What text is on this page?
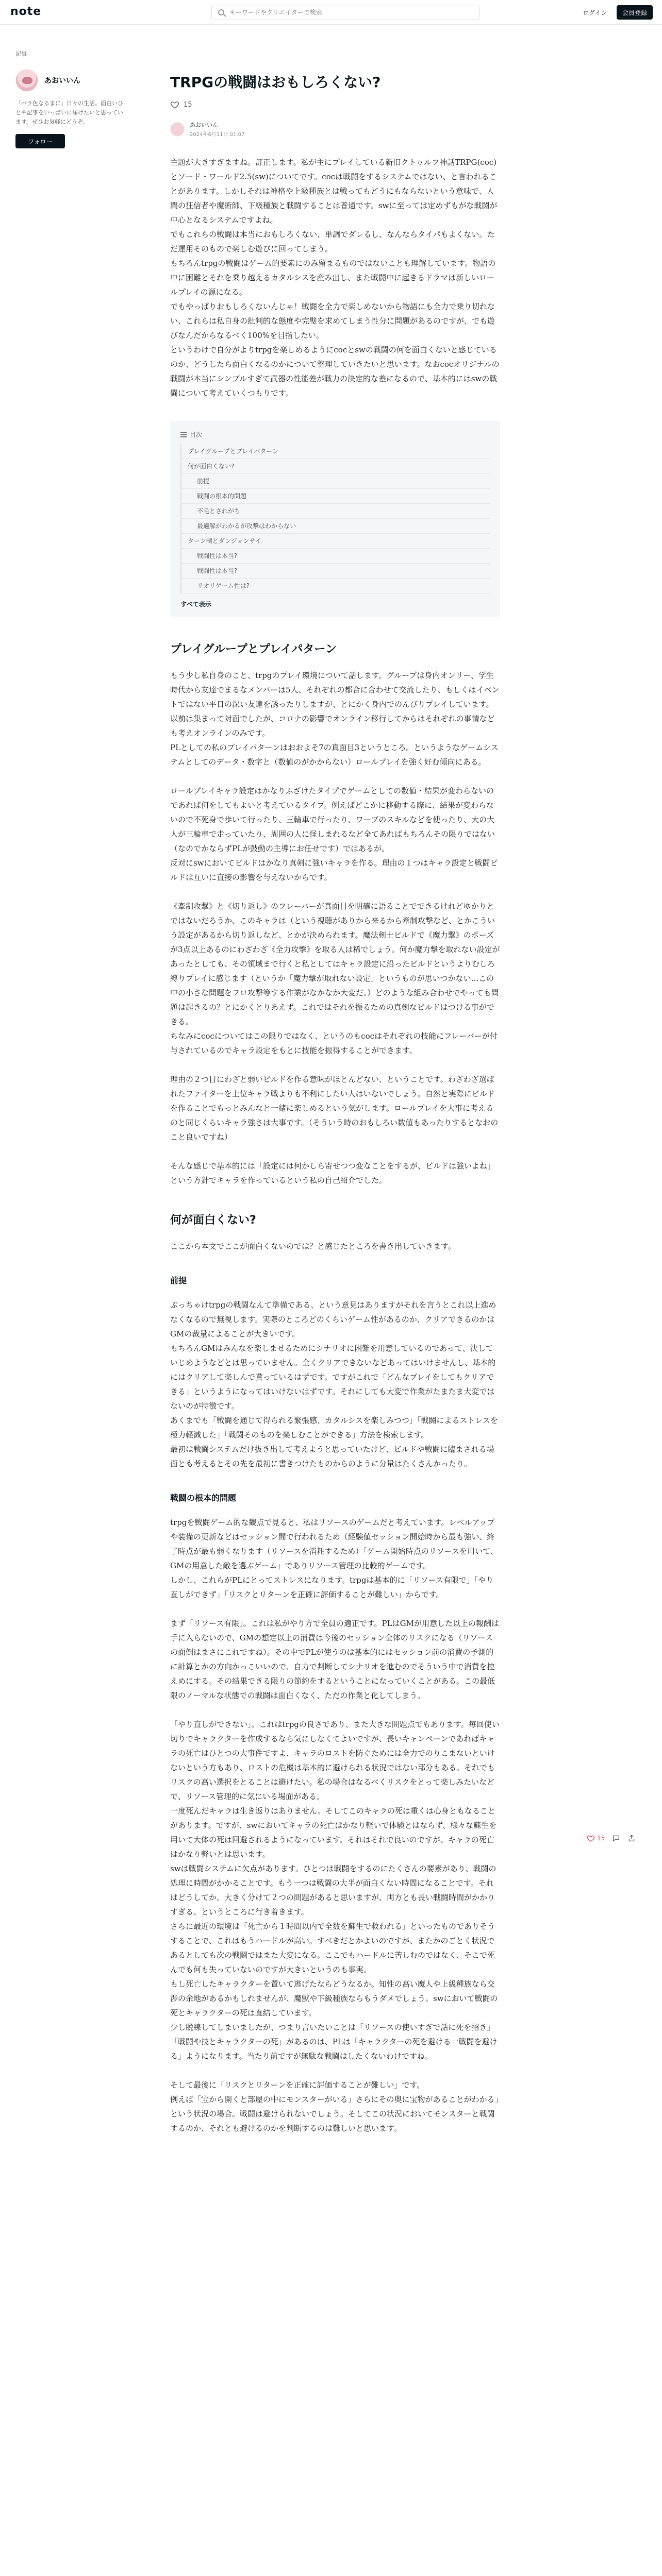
note
キーワードやクリエイターで検索	ログイン	会員登録
記事
あおいいん
「バラ色なるまに」日々の生活。面白いひとや記事をいっぱいに届けたいと思っています。ぜひお気軽にどうぞ。
フォロー
TRPGの戦闘はおもしろくない?
15
あおいいん
2024年6月11日 01:07

主題が大きすぎますね。訂正します。私が主にプレイしている新旧クトゥルフ神話TRPG(coc)とソード・ワールド2.5(sw)についてです。cocは戦闘をするシステムではない、と言われることがあります。しかしそれは神格や上級種族とは戦ってもどうにもならないという意味で、人間の狂信者や魔術師、下級種族と戦闘することは普通です。swに至っては定めずもがな戦闘が中心となるシステムですよね。

でもこれらの戦闘は本当におもしろくない、単調でダレるし、なんならタイパもよくない。ただ運用そのもので楽しむ遊びに回ってしまう。

もちろんtrpgの戦闘はゲーム的要素にのみ留まるものではないことも理解しています。物語の中に困難とそれを乗り越えるカタルシスを産み出し、また戦闘中に起きるドラマは新しいロールプレイの源になる。

でもやっぱりおもしろくないんじゃ！戦闘を全力で楽しめないから物語にも全力で乗り切れない、これらは私自身の批判的な態度や完璧を求めてしまう性分に問題があるのですが、でも遊びなんだからなるべく100%を目指したい。

というわけで自分がよりtrpgを楽しめるようにcocとswの戦闘の何を面白くないと感じているのか、どうしたら面白くなるのかについて整理していきたいと思います。なおcocオリジナルの戦闘が本当にシンプルすぎて武器の性能差が戦力の決定的な差になるので、基本的にはswの戦闘について考えていくつもりです。

目次
プレイグループとプレイパターン
何が面白くない?
前提
戦闘の根本的問題
不毛とされがち
最適解がわかるが攻撃はわからない
ターン制とダンジョンサイ
戦闘性は本当?
戦闘性は本当?
リオリゲーム性は?
すべて表示
プレイグループとプレイパターン

もう少し私自身のこと、trpgのプレイ環境について話します。グループは身内オンリー、学生時代から友達でまるなメンバーは5人、それぞれの都合に合わせて交流したり、もしくはイベントではない平日の深い友達を誘ったりしますが、とにかく身内でのんびりプレイしています。以前は集まって対面でしたが、コロナの影響でオンライン移行してからはそれぞれの事情なども考えオンラインのみです。

PLとしての私のプレイパターンはおおよそ7の真面目3というところ。というようなゲームシステムとしてのデータ・数字と（数値のがかからない）ロールプレイを強く好む傾向にある。

ロールプレイキャラ設定はかなりふざけたタイプでゲームとしての数値・結果が変わらないのであれば何をしてもよいと考えているタイプ。例えばどこかに移動する際に、結果が変わらないので不死身で歩いて行ったり、三輪車で行ったり、ワーブのスキルなどを使ったり、大の大人が三輪車で走っていたり、周囲の人に怪しまれるなど全てあればもちろんその限りではない（なのでかならずPLが鼓動の主導にお任せです）ではあるが。

反対にswにおいてビルドはかなり真剣に強いキャラを作る。理由の１つはキャラ設定と戦闘ビルドは互いに直接の影響を与えないからです。

《牽制攻撃》と《切り返し》のフレーバーが真面目を明確に語ることでできるけれどゆかりとではないだろうか、このキャラは（という視聴がありから来るから牽制攻撃など、とかこういう設定があるから切り返しなど、とかが決められます。魔法剣士ビルドで《魔力撃》のポーズが3点以上あるのにわざわざ《全力攻撃》を取る人は稀でしょう。何か魔力撃を取れない設定があったとしても、その領域まで行くと私としてはキャラ設定に沿ったビルドというよりむしろ縛りプレイに感じます（というか「魔力撃が取れない設定」というものが思いつかない...この中の小さな問題をフロ攻撃等する作業がなかなか大変だ。）どのような組み合わせでやっても問題は起きるの？とにかくとりあえず。これではそれを振るための真剣なビルドはつける事ができる。

ちなみにcocについてはこの限りではなく、というのもcocはそれぞれの技能にフレーバーが付与されているのでキャラ設定をもとに技能を振得することができます。

理由の２つ目にわざと弱いビルドを作る意味がほとんどない、ということです。わざわざ選ばれたファイターを上位キャラ戦よりも不利にしたい人はいないでしょう。自然と実際にビルドを作ることでもっとみんなと一緒に楽しめるという気がします。ロールプレイを大事に考えるのと同じくらいキャラ強さは大事です。（そういう時のおもしろい数値もあったりするとなおのこと良いですね）

そんな感じで基本的には「設定には何かしら寄せつつ変なことをするが、ビルドは強いよね」という方針でキャラを作っているという私の自己紹介でした。

何が面白くない?

ここから本文でここが面白くないのでは？と感じたところを書き出していきます。

前提

ぶっちゃけtrpgの戦闘なんて準備である、という意見はありますがそれを言うとこれ以上進めなくなるので無視します。実際のところどのくらいゲーム性があるのか、クリアできるのかはGMの裁量によることが大きいです。

もちろんGMはみんなを楽しませるためにシナリオに困難を用意しているのであって、決していじめようなどとは思っていません。全くクリアできないなどあってはいけませんし、基本的にはクリアして楽しんで貰っているはずです。ですがこれで「どんなプレイをしてもクリアできる」というようになってはいけないはずです。それにしても大変で作業がたまたま大変ではないのが特徴です。

あくまでも「戦闘を通じて得られる緊張感、カタルシスを楽しみつつ」「戦闘によるストレスを極力軽減した」「戦闘そのものを楽しむことができる」方法を検索します。

最初は戦闘システムだけ抜き出して考えようと思っていたけど、ビルドや戦闘に臨まされる場面とも考えるとその先を最初に書きつけたものからのように分量はたくさんかったり。

戦闘の根本的問題

trpgを戦闘ゲーム的な観点で見ると、私はリソースのゲームだと考えています。レベルアップや装備の更新などはセッション間で行われるため（経験値セッション開始時から最も強い、終了時点が最も弱くなります（リソースを消耗するため）「ゲーム開始時点のリソースを用いて、GMの用意した敵を選ぶゲーム」でありリソース管理の比較的ゲームです。

しかし、これらがPLにとってストレスになります。trpgは基本的に「リソース有限で」「やり直しができず」「リスクとリターンを正確に評価することが難しい」からです。

まず「リソース有限」。これは私がやり方で全員の適正です。PLはGMが用意した以上の報酬は手に入らないので、GMの想定以上の消費は今後のセッション全体のリスクになる（リソースの面倒はまさにこれですね）。その中でPLが使うのは基本的にはセッション前の消費の予測的に計算とかの方向かっこいいので、自力で判断してシナリオを進むのでそういう中で消費を控えめにする。その結果できる限りの節約をするということになっていくことがある。この最低限のノーマルな状態での戦闘は面白くなく、ただの作業と化してしまう。

「やり直しができない」。これはtrpgの良さであり、また大きな問題点でもあります。毎回使い切りでキャラクターを作成するなら気にしなくてよいですが、長いキャンペーンであればキャラの死亡はひとつの大事件ですよ、キャラのロストを防ぐためには全力でのりこまないといけないという方もあり、ロストの危機は基本的に避けられる状況ではない部分もある。それでもリスクの高い選択をとることは避けたい。私の場合はなるべくリスクをとって楽しみたいなどで、リソース管理的に気にいる場面がある。

一度死んだキャラは生き返りはありません。そしてこのキャラの死は重くは心身ともなることがあります。ですが、swにおいてキャラの死亡はかなり軽いで体験とはならず、様々な蘇生を用いて大体の死は回避されるようになっています。それはそれで良いのですが、キャラの死亡はかなり軽いとは思います。

swは戦闘システムに欠点があります。ひとつは戦闘をするのにたくさんの要素があり、戦闘の処理に時間がかかることです。もう一つは戦闘の大半が面白くない時間になることです。それはどうしてか。大きく分けて２つの問題があると思いますが、両方とも長い戦闘時間がかかりすぎる、というところに行き着きます。

さらに最近の環境は「死亡から１時間以内で全数を蘇生で救われる」といったものでありそうすることで、これはもうハードルが高い。すべきだとかよいのですが、またかのごとく状況であるとしても次の戦闘ではまた大変になる。ここでもハードルに苦しむのではなく、そこで死んでも何も失っていないのですが大きいというのも事実。

もし死亡したキャラクターを置いて逃げたならどうなるか。知性の高い魔人や上級種族なら交渉の余地があるかもしれませんが、魔獣や下級種族ならもうダメでしょう。swにおいて戦闘の死とキャラクターの死は直結しています。

少し脱線してしまいましたが、つまり言いたいことは「リソースの使いすぎで話に死を招き」「戦闘や技とキャラクターの死」があるのは、PLは「キャラクターの死を避ける一戦闘を避ける」ようになります。当たり前ですが無駄な戦闘はしたくないわけですね。

そして最後に「リスクとリターンを正確に評価することが難しい」です。

例えば「宝から開くと部屋の中にモンスターがいる」さらにその奥に宝物があることがわかる」という状況の場合。戦闘は避けられないでしょう。そしてこの状況においてモンスターと戦闘するのか、それとも避けるのかを判断するのは難しいと思います。

15
